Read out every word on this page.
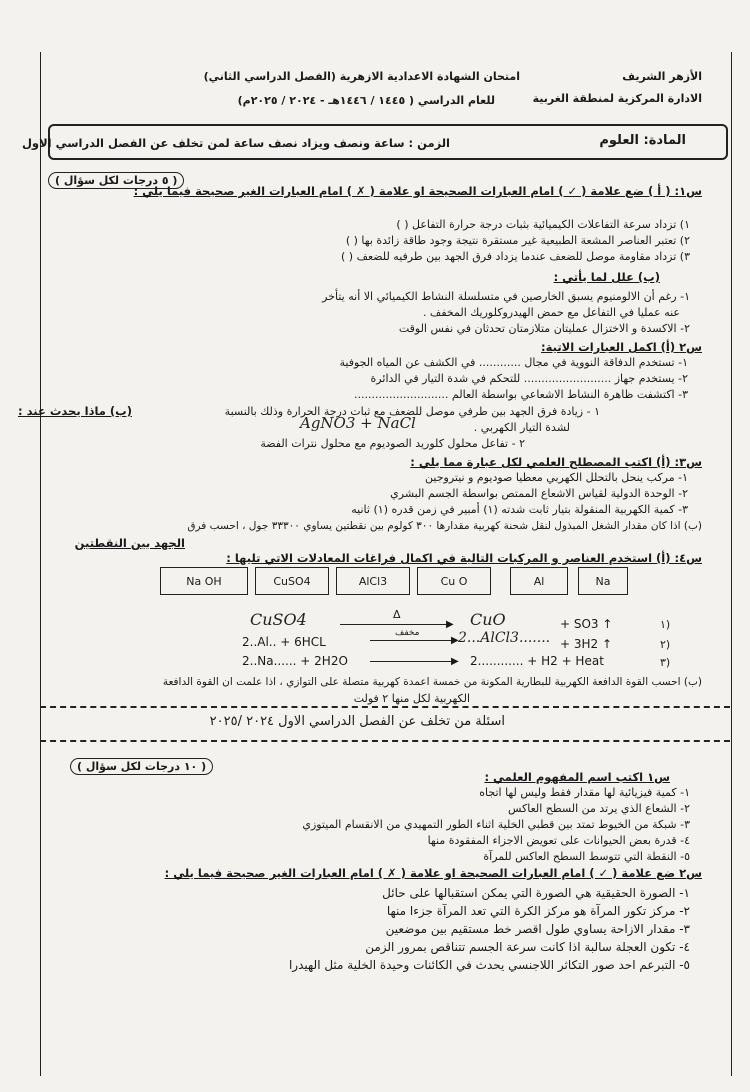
الأزهر الشريف
الادارة المركزية لمنطقة الغربية
امتحان الشهادة الاعدادية الازهرية (الفصل الدراسي الثاني)
للعام الدراسي ( ١٤٤٥ / ١٤٤٦هـ - ٢٠٢٤ / ٢٠٢٥م)
المادة: العلوم
الزمن : ساعة ونصف
ويزاد نصف ساعة لمن تخلف عن الفصل الدراسي الاول
س١: ( أ ) ضع علامة ( ✓ ) امام العبارات الصحيحة او علامة ( ✗ ) امام العبارات الغير صحيحة فيما يلي :
( ٥ درجات لكل سؤال )
١) تزداد سرعة التفاعلات الكيميائية بثبات درجة حرارة التفاعل ( )
٢) تعتبر العناصر المشعة الطبيعية غير مستقرة نتيجة وجود طاقة زائدة بها ( )
٣) تزداد مقاومة موصل للضعف عندما يزداد فرق الجهد بين طرفيه للضعف ( )
(ب) علل لما يأتي :
١- رغم أن الالومنيوم يسبق الخارصين في متسلسلة النشاط الكيميائي الا أنه يتأخر
عنه عمليا في التفاعل مع حمض الهيدروكلوريك المخفف .
٢- الاكسدة و الاختزال عمليتان متلازمتان تحدثان في نفس الوقت
س٢ (أ) اكمل العبارات الاتية:
١- تستخدم الدفاقة النووية في مجال ............ في الكشف عن المياه الجوفية
٢- يستخدم جهاز ......................... للتحكم في شدة التيار في الدائرة
٣- اكتشفت ظاهرة النشاط الاشعاعي بواسطة العالم ...........................
(ب) ماذا يحدث عند :	١ - زيادة فرق الجهد بين طرفي موصل للضعف مع ثبات درجة الحرارة وذلك بالنسبة
لشدة التيار الكهربي .
AgNO3 + NaCl
٢ - تفاعل محلول كلوريد الصوديوم مع محلول نترات الفضة
س٣: (أ) اكتب المصطلح العلمي لكل عبارة مما يلي :
١- مركب ينحل بالتحلل الكهربي معطيا صوديوم و نيتروجين
٢- الوحدة الدولية لقياس الاشعاع الممتص بواسطة الجسم البشري
٣- كمية الكهربية المنقولة بتيار ثابت شدته (١) أمبير في زمن قدره (١) ثانيه
(ب) اذا كان مقدار الشغل المبذول لنقل شحنة كهربية مقدارها ٣٠٠ كولوم بين نقطتين يساوي ٣٣٣٠٠ جول ، احسب فرق
الجهد بين النقطتين
س٤: (أ) استخدم العناصر و المركبات التالية في اكمال فراغات المعادلات الاتي تليها :
Na OH	CuSO4	AlCl3	Cu O	Al	Na
١)
CuSO4	Δ
▶ CuO	+ SO3 ↑
٢)
2..Al.. + 6HCL	▶
مخفف	2...AlCl3....... + 3H2 ↑
٣)
2..Na...... + 2H2O	▶ 2............ + H2 + Heat
(ب) احسب القوة الدافعة الكهربية للبطارية المكونة من خمسة اعمدة كهربية متصلة على التوازي ، اذا علمت ان القوة الدافعة
الكهربية لكل منها ٢ فولت
اسئلة من تخلف عن الفصل الدراسي الاول ٢٠٢٤ /٢٠٢٥
( ١٠ درجات لكل سؤال )
س١ اكتب اسم المفهوم العلمي :
١- كمية فيزيائية لها مقدار فقط وليس لها اتجاه
٢- الشعاع الذي يرتد من السطح العاكس
٣- شبكة من الخيوط تمتد بين قطبي الخلية اثناء الطور التمهيدي من الانقسام الميتوزي
٤- قدرة بعض الحيوانات على تعويض الاجزاء المفقودة منها
٥- النقطة التي تتوسط السطح العاكس للمرآة
س٢ ضع علامة ( ✓ ) امام العبارات الصحيحة او علامة ( ✗ ) امام العبارات الغير صحيحة فيما يلي :
١- الصورة الحقيقية هي الصورة التي يمكن استقبالها على حائل
٢- مركز تكور المرآة هو مركز الكرة التي تعد المرآة جزءا منها
٣- مقدار الازاحة يساوي طول اقصر خط مستقيم بين موضعين
٤- تكون العجلة سالبة اذا كانت سرعة الجسم تتناقص بمرور الزمن
٥- التبرعم احد صور التكاثر اللاجنسي يحدث في الكائنات وحيدة الخلية مثل الهيدرا
